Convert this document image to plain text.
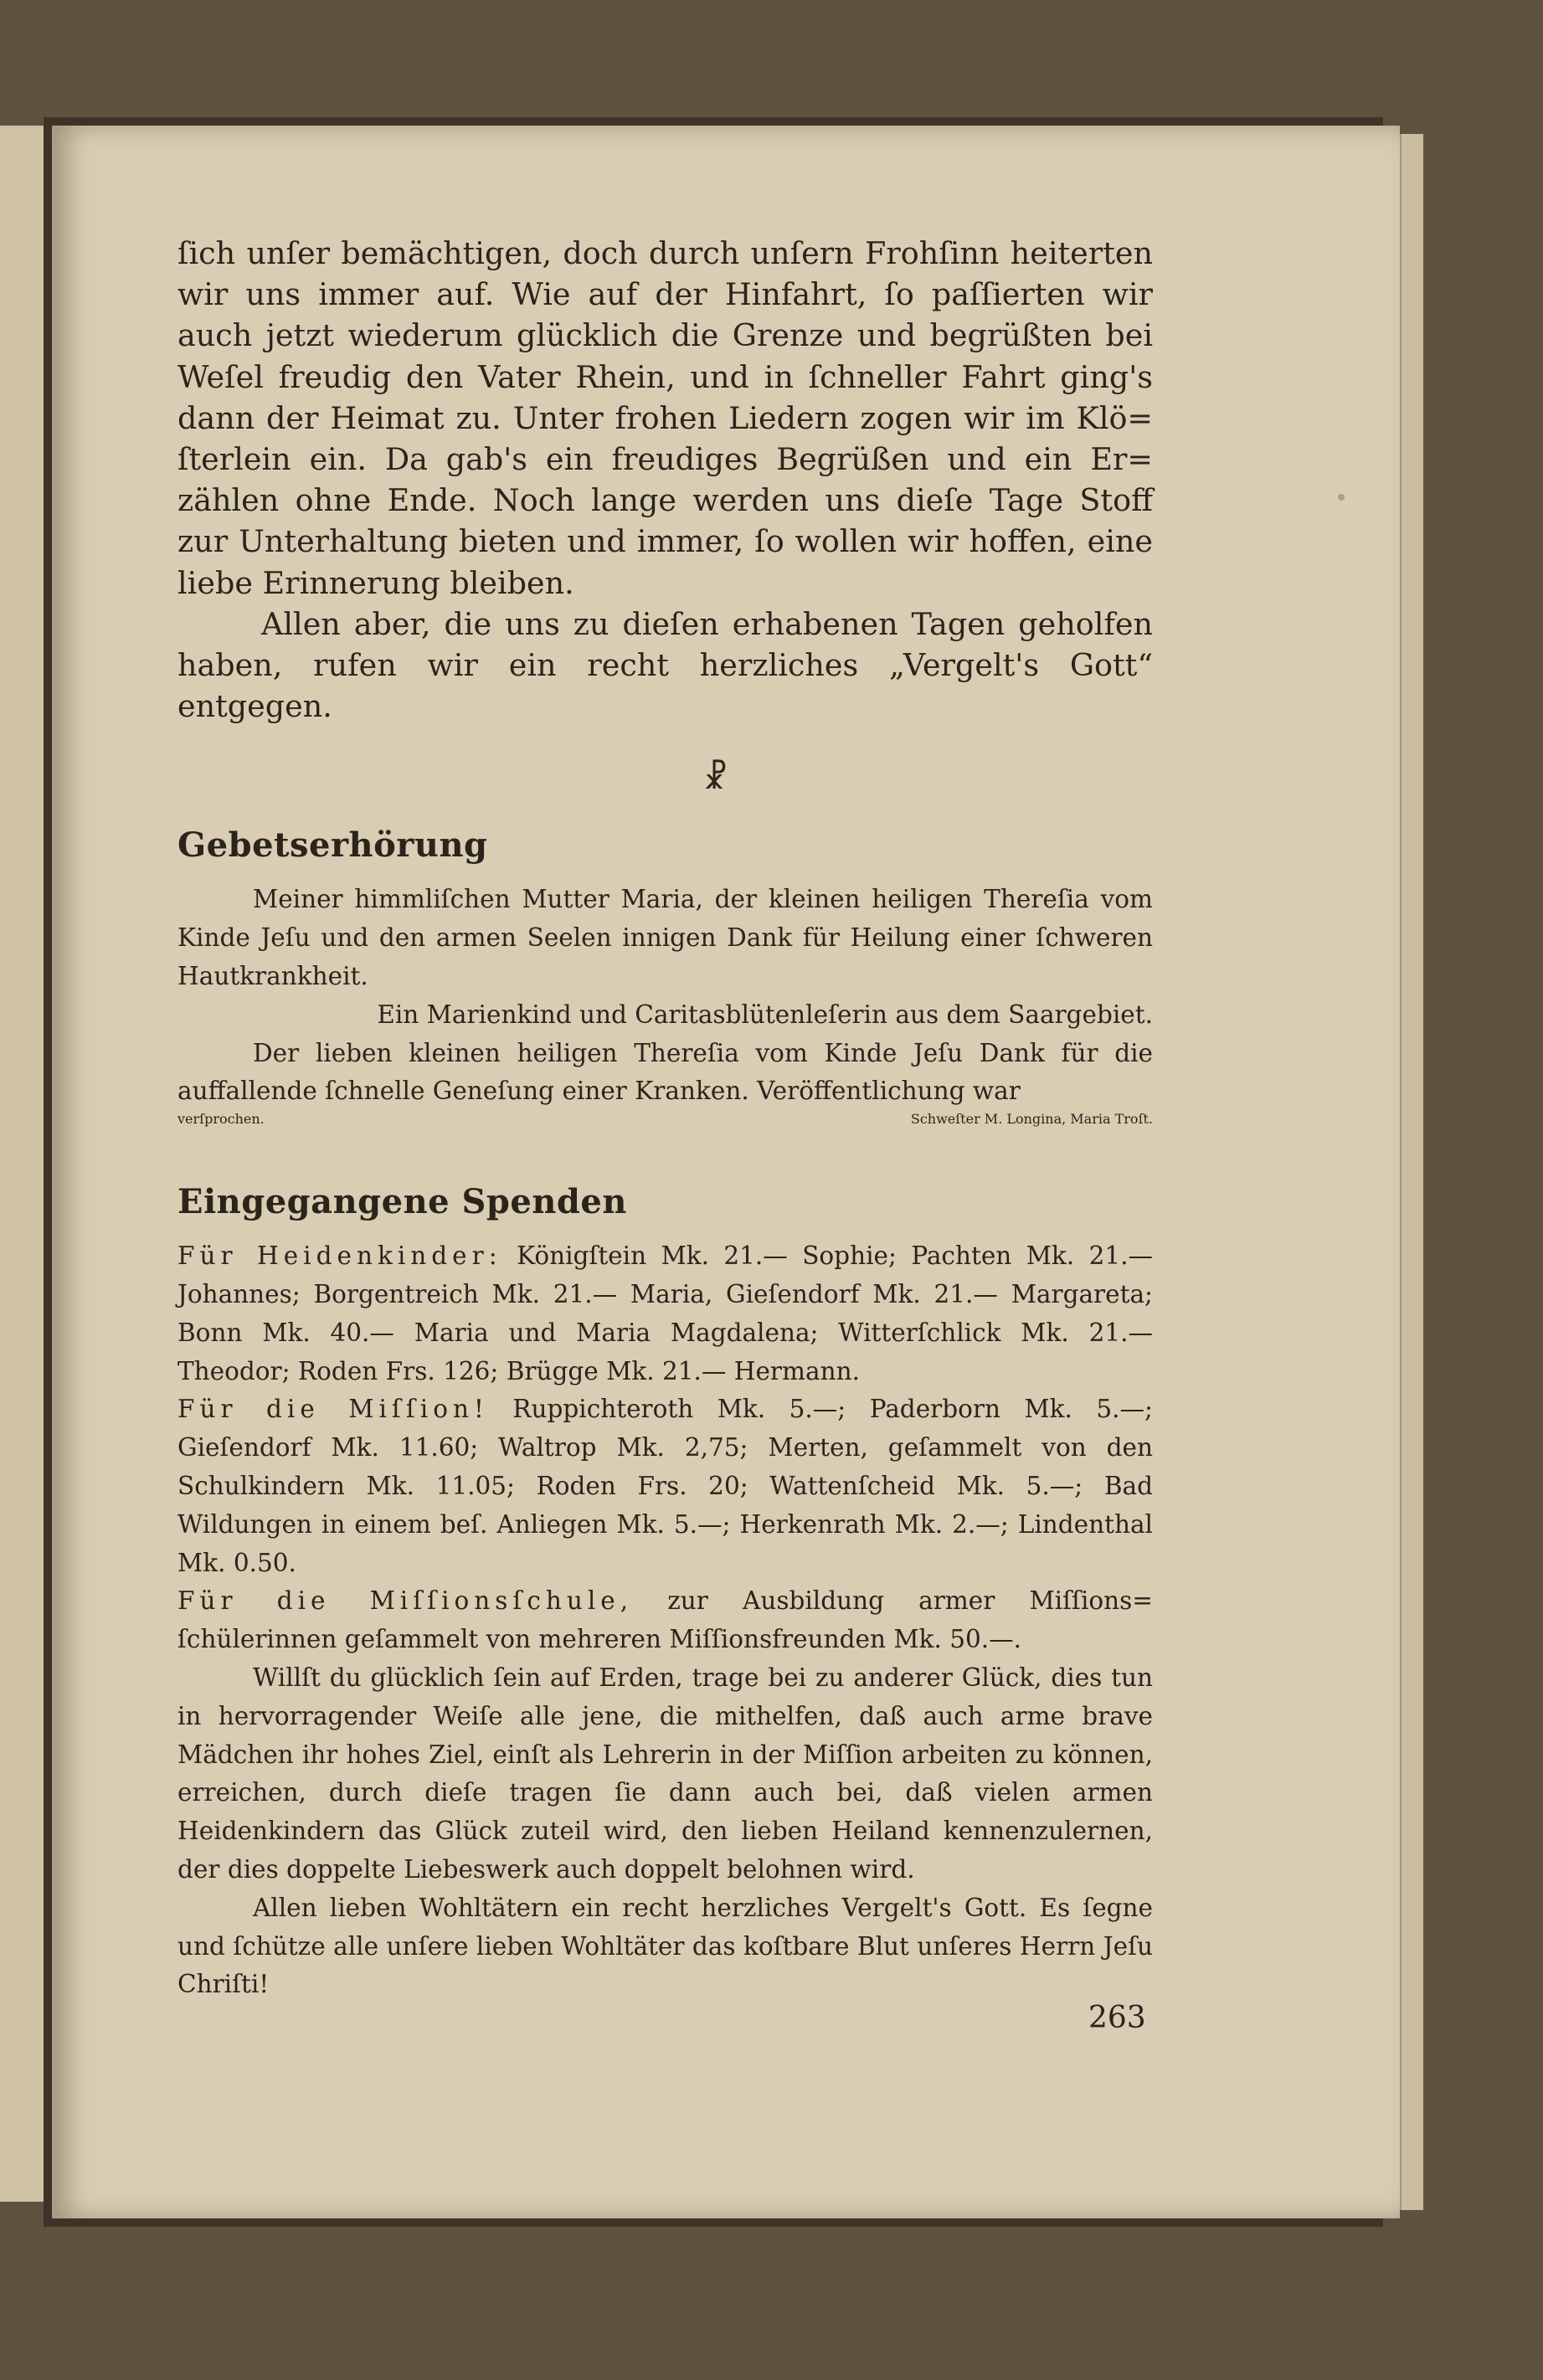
ſich unſer bemächtigen, doch durch unſern Frohſinn heiterten wir uns immer auf. Wie auf der Hinfahrt, ſo paſſierten wir auch jetzt wiederum glücklich die Grenze und begrüßten bei Weſel freudig den Vater Rhein, und in ſchneller Fahrt ging's dann der Heimat zu. Unter frohen Liedern zogen wir im Klö= ſterlein ein. Da gab's ein freudiges Begrüßen und ein Er= zählen ohne Ende. Noch lange werden uns dieſe Tage Stoff zur Unterhaltung bieten und immer, ſo wollen wir hoffen, eine liebe Erinnerung bleiben.

Allen aber, die uns zu dieſen erhabenen Tagen geholfen haben, rufen wir ein recht herzliches „Vergelt's Gott“ entgegen.

☧
Gebetserhörung

Meiner himmliſchen Mutter Maria, der kleinen heiligen Thereſia vom Kinde Jeſu und den armen Seelen innigen Dank für Heilung einer ſchweren Hautkrankheit.

Ein Marienkind und Caritasblütenleſerin aus dem Saargebiet.

Der lieben kleinen heiligen Thereſia vom Kinde Jeſu Dank für die auffallende ſchnelle Geneſung einer Kranken. Veröffentlichung war

verſprochen.	Schweſter M. Longina, Maria Troſt.
Eingegangene Spenden

Für Heidenkinder: Königſtein Mk. 21.— Sophie; Pachten Mk. 21.— Johannes; Borgentreich Mk. 21.— Maria, Gieſendorf Mk. 21.— Margareta; Bonn Mk. 40.— Maria und Maria Magdalena; Witterſchlick Mk. 21.— Theodor; Roden Frs. 126; Brügge Mk. 21.— Hermann.

Für die Miſſion! Ruppichteroth Mk. 5.—; Paderborn Mk. 5.—; Gieſendorf Mk. 11.60; Waltrop Mk. 2,75; Merten, geſammelt von den Schulkindern Mk. 11.05; Roden Frs. 20; Wattenſcheid Mk. 5.—; Bad Wildungen in einem beſ. Anliegen Mk. 5.—; Herkenrath Mk. 2.—; Lindenthal Mk. 0.50.

Für die Miſſionsſchule, zur Ausbildung armer Miſſions= ſchülerinnen geſammelt von mehreren Miſſionsfreunden Mk. 50.—.

Willſt du glücklich ſein auf Erden, trage bei zu anderer Glück, dies tun in hervorragender Weiſe alle jene, die mithelfen, daß auch arme brave Mädchen ihr hohes Ziel, einſt als Lehrerin in der Miſſion arbeiten zu können, erreichen, durch dieſe tragen ſie dann auch bei, daß vielen armen Heidenkindern das Glück zuteil wird, den lieben Heiland kennenzulernen, der dies doppelte Liebeswerk auch doppelt belohnen wird.

Allen lieben Wohltätern ein recht herzliches Vergelt's Gott. Es ſegne und ſchütze alle unſere lieben Wohltäter das koſtbare Blut unſeres Herrn Jeſu Chriſti!

263
